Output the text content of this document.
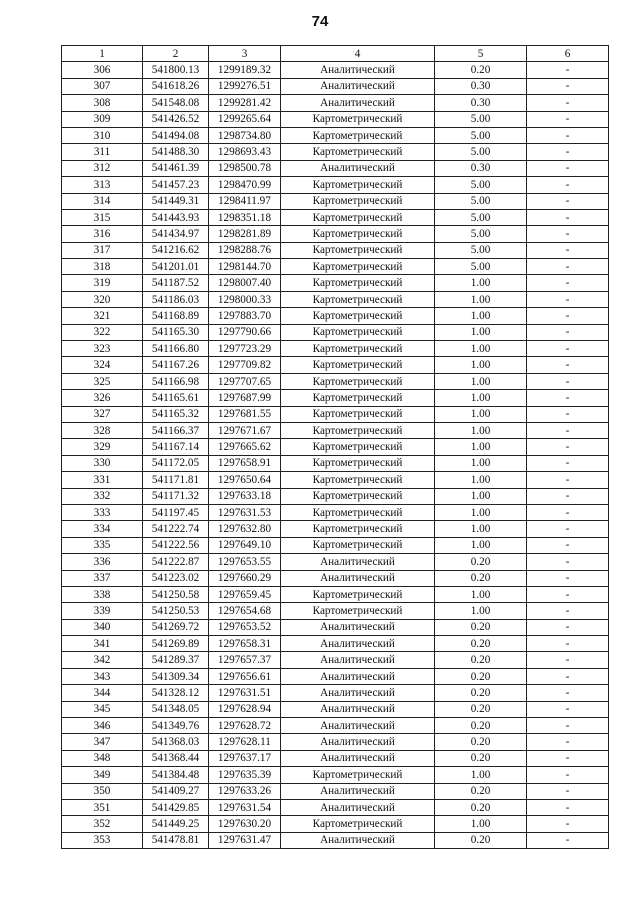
74
1	2	3	4	5	6
306	541800.13	1299189.32	Аналитический	0.20	-
307	541618.26	1299276.51	Аналитический	0.30	-
308	541548.08	1299281.42	Аналитический	0.30	-
309	541426.52	1299265.64	Картометрический	5.00	-
310	541494.08	1298734.80	Картометрический	5.00	-
311	541488.30	1298693.43	Картометрический	5.00	-
312	541461.39	1298500.78	Аналитический	0.30	-
313	541457.23	1298470.99	Картометрический	5.00	-
314	541449.31	1298411.97	Картометрический	5.00	-
315	541443.93	1298351.18	Картометрический	5.00	-
316	541434.97	1298281.89	Картометрический	5.00	-
317	541216.62	1298288.76	Картометрический	5.00	-
318	541201.01	1298144.70	Картометрический	5.00	-
319	541187.52	1298007.40	Картометрический	1.00	-
320	541186.03	1298000.33	Картометрический	1.00	-
321	541168.89	1297883.70	Картометрический	1.00	-
322	541165.30	1297790.66	Картометрический	1.00	-
323	541166.80	1297723.29	Картометрический	1.00	-
324	541167.26	1297709.82	Картометрический	1.00	-
325	541166.98	1297707.65	Картометрический	1.00	-
326	541165.61	1297687.99	Картометрический	1.00	-
327	541165.32	1297681.55	Картометрический	1.00	-
328	541166.37	1297671.67	Картометрический	1.00	-
329	541167.14	1297665.62	Картометрический	1.00	-
330	541172.05	1297658.91	Картометрический	1.00	-
331	541171.81	1297650.64	Картометрический	1.00	-
332	541171.32	1297633.18	Картометрический	1.00	-
333	541197.45	1297631.53	Картометрический	1.00	-
334	541222.74	1297632.80	Картометрический	1.00	-
335	541222.56	1297649.10	Картометрический	1.00	-
336	541222.87	1297653.55	Аналитический	0.20	-
337	541223.02	1297660.29	Аналитический	0.20	-
338	541250.58	1297659.45	Картометрический	1.00	-
339	541250.53	1297654.68	Картометрический	1.00	-
340	541269.72	1297653.52	Аналитический	0.20	-
341	541269.89	1297658.31	Аналитический	0.20	-
342	541289.37	1297657.37	Аналитический	0.20	-
343	541309.34	1297656.61	Аналитический	0.20	-
344	541328.12	1297631.51	Аналитический	0.20	-
345	541348.05	1297628.94	Аналитический	0.20	-
346	541349.76	1297628.72	Аналитический	0.20	-
347	541368.03	1297628.11	Аналитический	0.20	-
348	541368.44	1297637.17	Аналитический	0.20	-
349	541384.48	1297635.39	Картометрический	1.00	-
350	541409.27	1297633.26	Аналитический	0.20	-
351	541429.85	1297631.54	Аналитический	0.20	-
352	541449.25	1297630.20	Картометрический	1.00	-
353	541478.81	1297631.47	Аналитический	0.20	-
